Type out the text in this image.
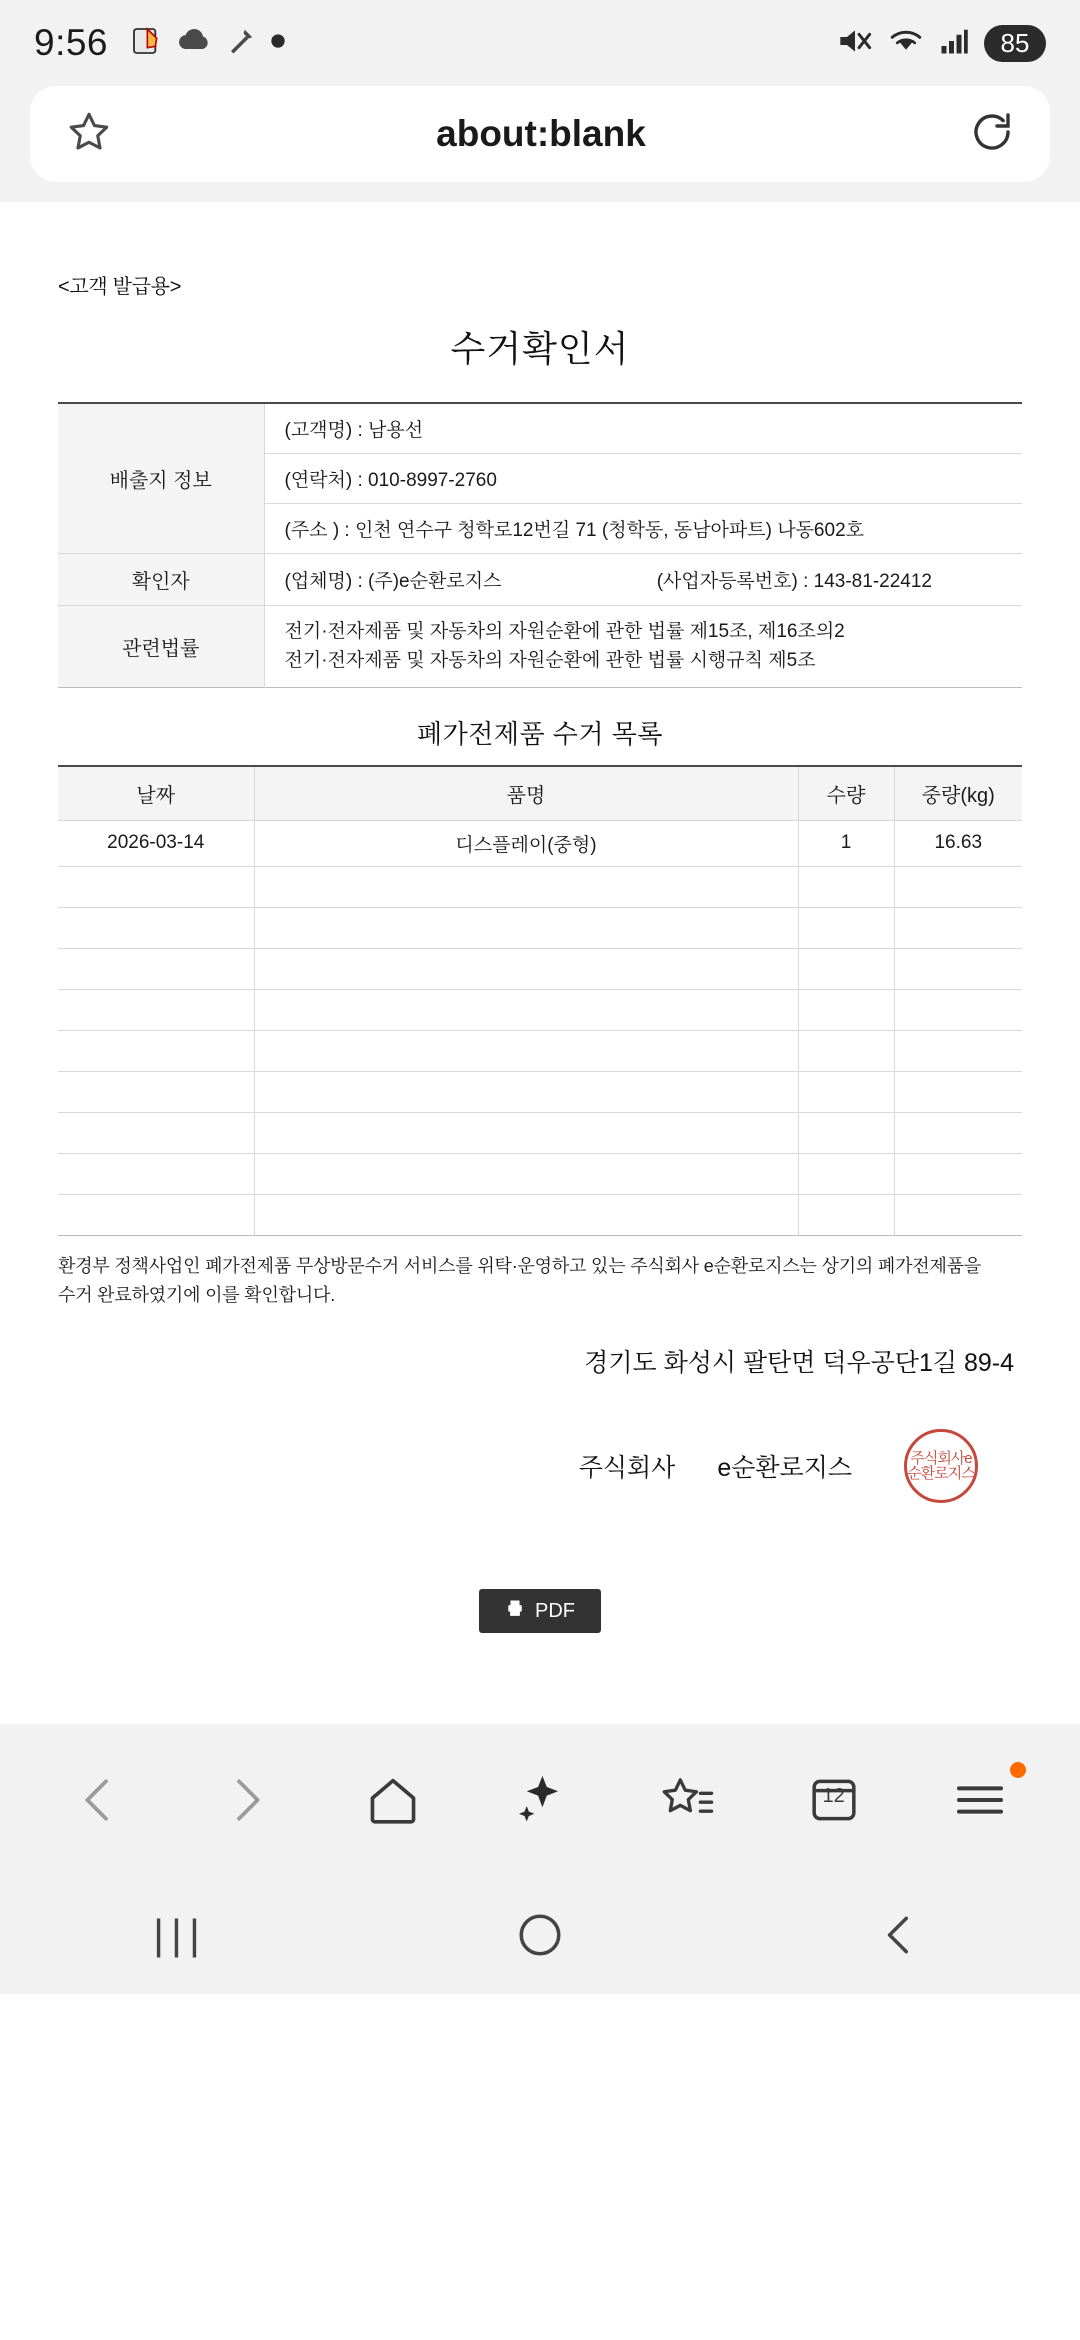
9:56	85
about:blank
<고객 발급용>
수거확인서
배출지 정보	(고객명) : 남용선
	(연락처) : 010-8997-2760
	(주소 ) : 인천 연수구 청학로12번길 71 (청학동, 동남아파트) 나동602호
확인자	(업체명) : (주)e순환로지스 (사업자등록번호) : 143-81-22412
관련법률	전기·전자제품 및 자동차의 자원순환에 관한 법률 제15조, 제16조의2
전기·전자제품 및 자동차의 자원순환에 관한 법률 시행규칙 제5조
폐가전제품 수거 목록
날짜	품명	수량	중량(kg)
2026-03-14	디스플레이(중형)	1	16.63

환경부 정책사업인 폐가전제품 무상방문수거 서비스를 위탁·운영하고 있는 주식회사 e순환로지스는 상기의 폐가전제품을
수거 완료하였기에 이를 확인합니다.
경기도 화성시 팔탄면 덕우공단1길 89-4
주식회사 e순환로지스	주식회사e순환로지스
PDF
12
|||
